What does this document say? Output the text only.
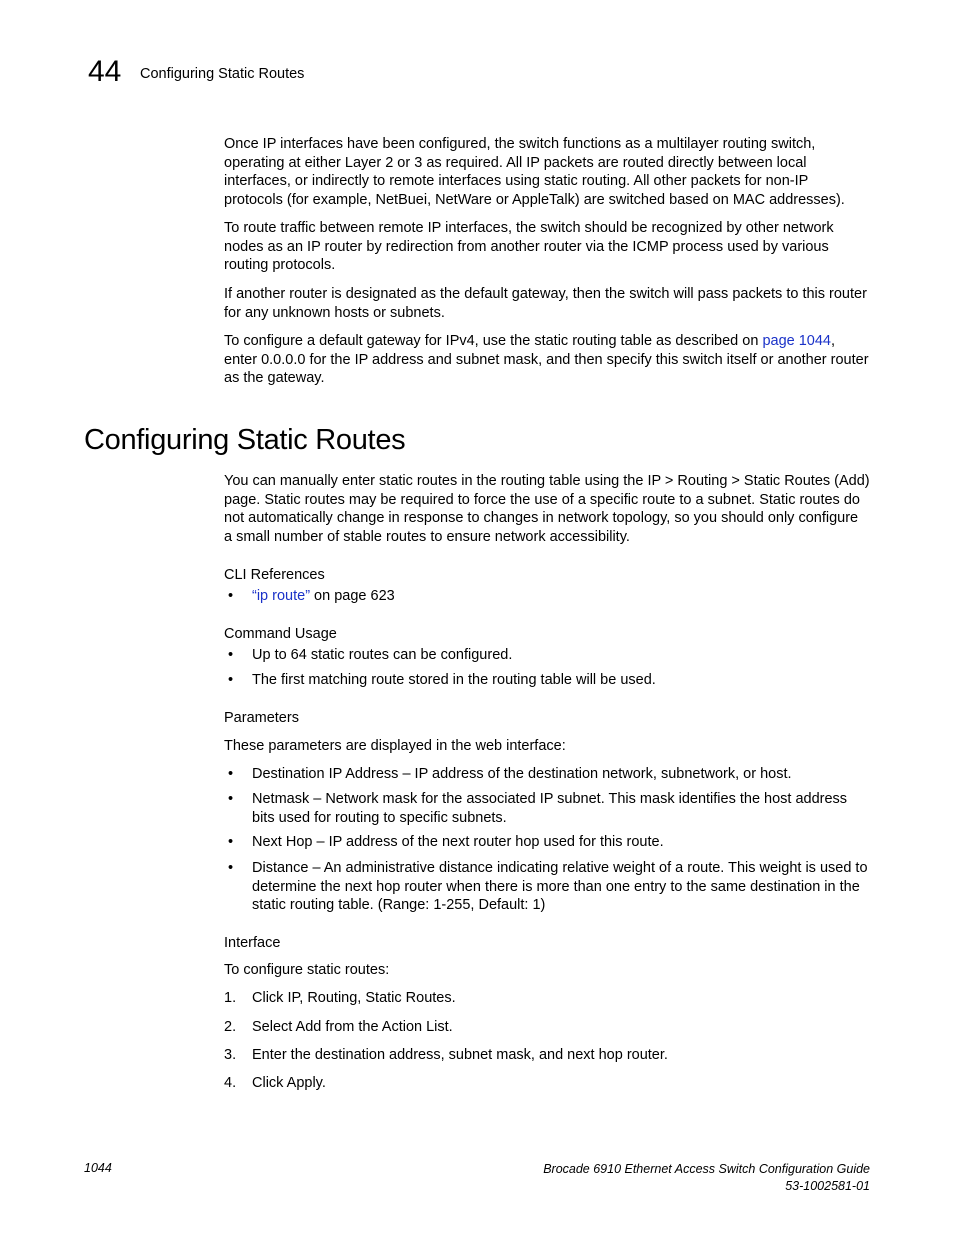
44 Configuring Static Routes

Once IP interfaces have been configured, the switch functions as a multilayer routing switch, operating at either Layer 2 or 3 as required. All IP packets are routed directly between local interfaces, or indirectly to remote interfaces using static routing. All other packets for non-IP protocols (for example, NetBuei, NetWare or AppleTalk) are switched based on MAC addresses).

To route traffic between remote IP interfaces, the switch should be recognized by other network nodes as an IP router by redirection from another router via the ICMP process used by various routing protocols.

If another router is designated as the default gateway, then the switch will pass packets to this router for any unknown hosts or subnets.

To configure a default gateway for IPv4, use the static routing table as described on page 1044, enter 0.0.0.0 for the IP address and subnet mask, and then specify this switch itself or another router as the gateway.

Configuring Static Routes

You can manually enter static routes in the routing table using the IP > Routing > Static Routes (Add) page. Static routes may be required to force the use of a specific route to a subnet. Static routes do not automatically change in response to changes in network topology, so you should only configure a small number of stable routes to ensure network accessibility.

CLI References
• “ip route” on page 623
Command Usage
• Up to 64 static routes can be configured.
• The first matching route stored in the routing table will be used.
Parameters

These parameters are displayed in the web interface:

• Destination IP Address – IP address of the destination network, subnetwork, or host.
• Netmask – Network mask for the associated IP subnet. This mask identifies the host address bits used for routing to specific subnets.
• Next Hop – IP address of the next router hop used for this route.
• Distance – An administrative distance indicating relative weight of a route. This weight is used to determine the next hop router when there is more than one entry to the same destination in the static routing table. (Range: 1-255, Default: 1)
Interface

To configure static routes:

1. Click IP, Routing, Static Routes.
2. Select Add from the Action List.
3. Enter the destination address, subnet mask, and next hop router.
4. Click Apply.
1044	Brocade 6910 Ethernet Access Switch Configuration Guide
53-1002581-01
